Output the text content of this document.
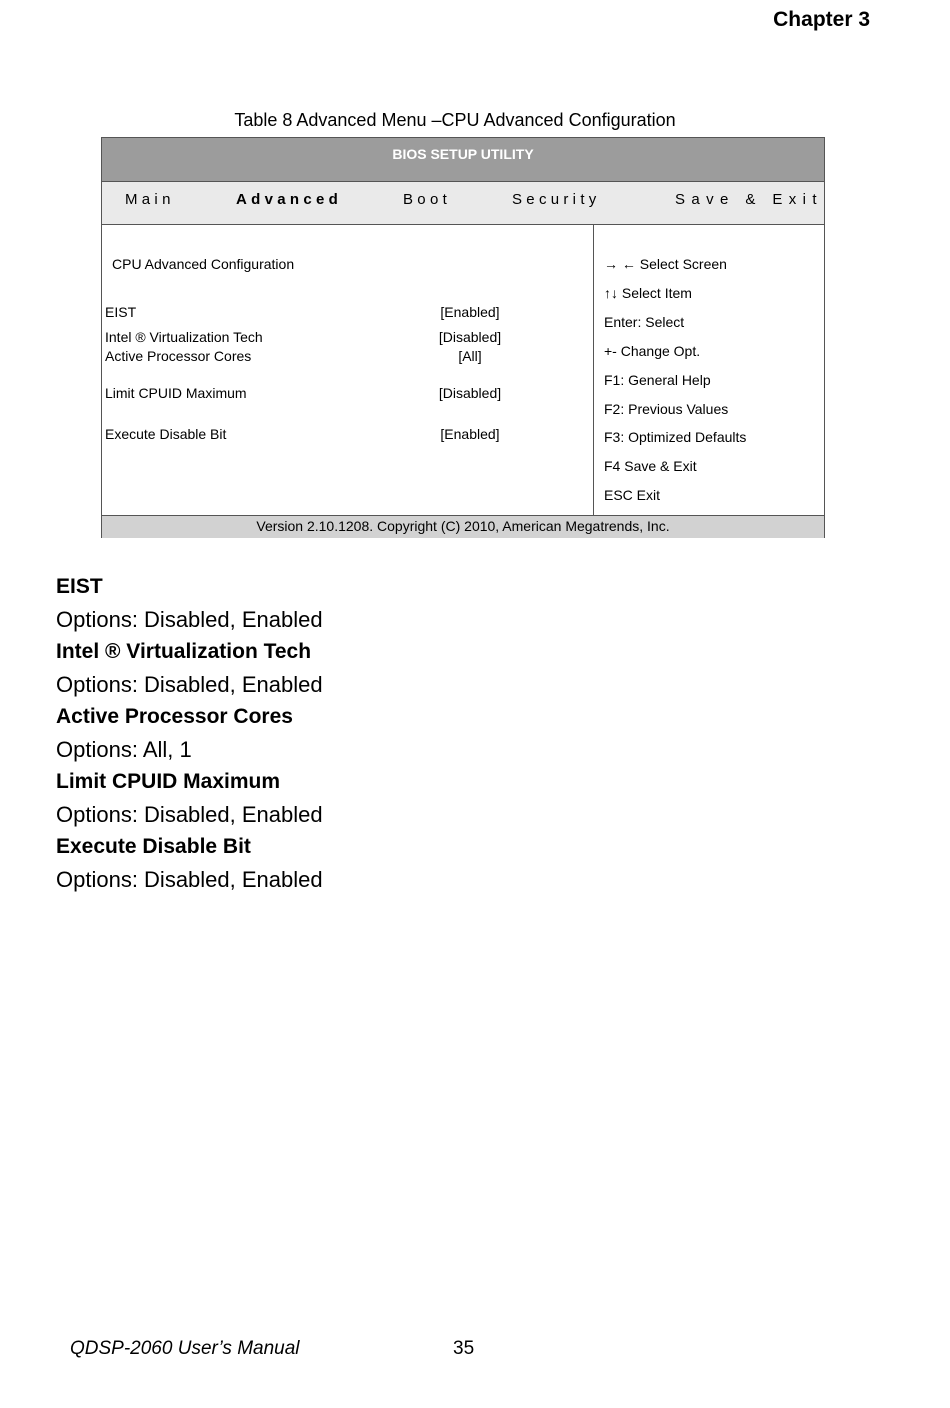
Chapter 3
Table 8 Advanced Menu –CPU Advanced Configuration
BIOS SETUP UTILITY
Main	Advanced	Boot	Security	Save & Exit
CPU Advanced Configuration
EIST	[Enabled]
Intel ® Virtualization Tech	[Disabled]
Active Processor Cores	[All]
Limit CPUID Maximum	[Disabled]
Execute Disable Bit	[Enabled]
→ ← Select Screen
↑↓ Select Item
Enter: Select
+- Change Opt.
F1: General Help
F2: Previous Values
F3: Optimized Defaults
F4 Save & Exit
ESC Exit
Version 2.10.1208. Copyright (C) 2010, American Megatrends, Inc.
EIST
Options: Disabled, Enabled
Intel ® Virtualization Tech
Options: Disabled, Enabled
Active Processor Cores
Options: All, 1
Limit CPUID Maximum
Options: Disabled, Enabled
Execute Disable Bit
Options: Disabled, Enabled
QDSP-2060 User’s Manual	35
